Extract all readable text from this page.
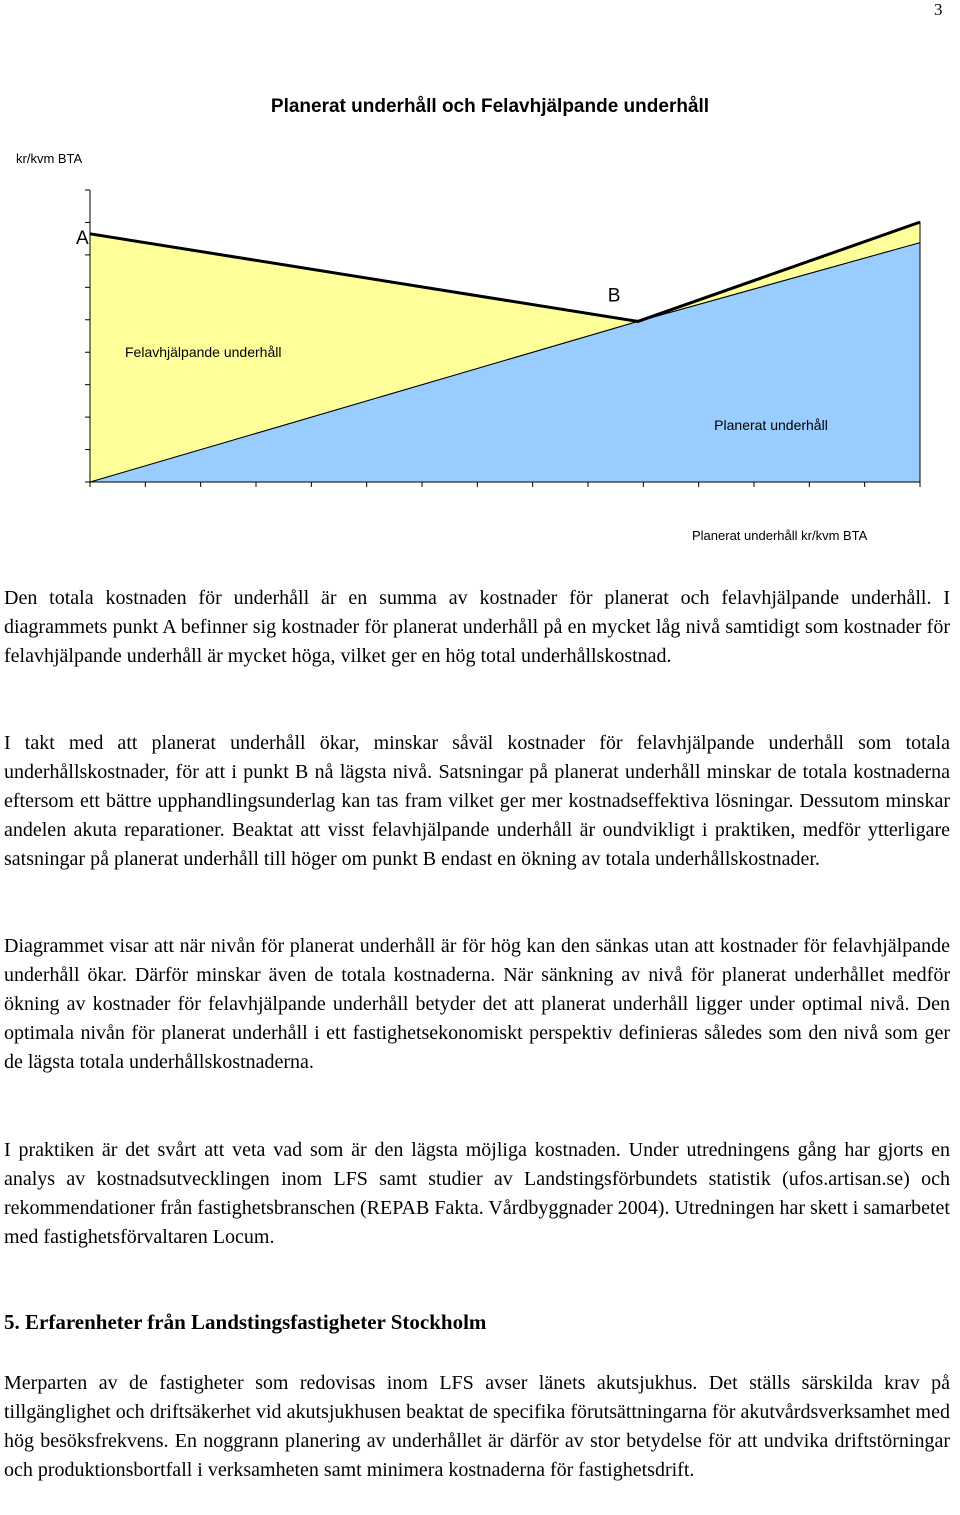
3
Planerat underhåll och Felavhjälpande underhåll
kr/kvm BTA
A
B
Felavhjälpande underhåll
Planerat underhåll
Planerat underhåll kr/kvm BTA

Den totala kostnaden för underhåll är en summa av kostnader för planerat och felavhjälpande underhåll. I diagrammets punkt A befinner sig kostnader för planerat underhåll på en mycket låg nivå samtidigt som kostnader för felavhjälpande underhåll är mycket höga, vilket ger en hög total underhållskostnad.

I takt med att planerat underhåll ökar, minskar såväl kostnader för felavhjälpande underhåll som totala underhållskostnader, för att i punkt B nå lägsta nivå. Satsningar på planerat underhåll minskar de totala kostnaderna eftersom ett bättre upphandlingsunderlag kan tas fram vilket ger mer kostnadseffektiva lösningar. Dessutom minskar andelen akuta reparationer. Beaktat att visst felavhjälpande underhåll är oundvikligt i praktiken, medför ytterligare satsningar på planerat underhåll till höger om punkt B endast en ökning av totala underhållskostnader.

Diagrammet visar att när nivån för planerat underhåll är för hög kan den sänkas utan att kostnader för felavhjälpande underhåll ökar. Därför minskar även de totala kostnaderna. När sänkning av nivå för planerat underhållet medför ökning av kostnader för felavhjälpande underhåll betyder det att planerat underhåll ligger under optimal nivå. Den optimala nivån för planerat underhåll i ett fastighetsekonomiskt perspektiv definieras således som den nivå som ger de lägsta totala underhållskostnaderna.

I praktiken är det svårt att veta vad som är den lägsta möjliga kostnaden. Under utredningens gång har gjorts en analys av kostnadsutvecklingen inom LFS samt studier av Landstingsförbundets statistik (ufos.artisan.se) och rekommendationer från fastighetsbranschen (REPAB Fakta. Vårdbyggnader 2004). Utredningen har skett i samarbetet med fastighetsförvaltaren Locum.

5. Erfarenheter från Landstingsfastigheter Stockholm

Merparten av de fastigheter som redovisas inom LFS avser länets akutsjukhus. Det ställs särskilda krav på tillgänglighet och driftsäkerhet vid akutsjukhusen beaktat de specifika förutsättningarna för akutvårdsverksamhet med hög besöksfrekvens. En noggrann planering av underhållet är därför av stor betydelse för att undvika driftstörningar och produktionsbortfall i verksamheten samt minimera kostnaderna för fastighetsdrift.
